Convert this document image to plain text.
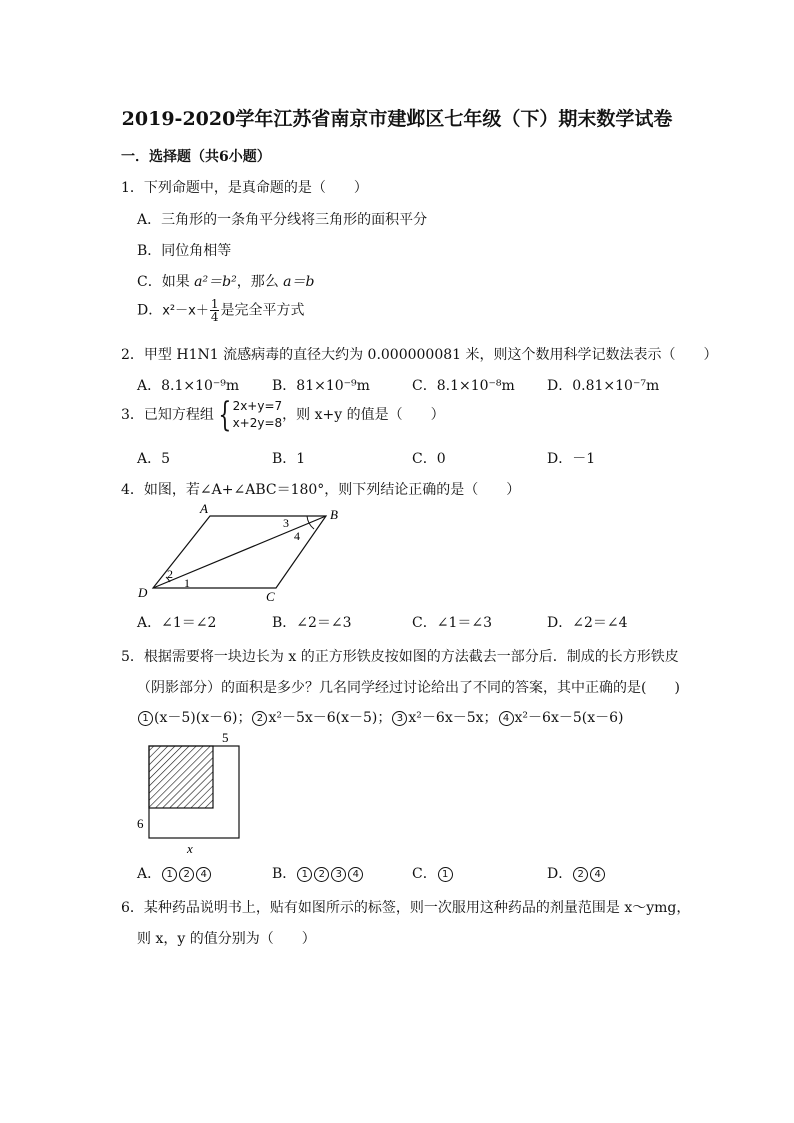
2019-2020学年江苏省南京市建邺区七年级（下）期末数学试卷
一．选择题（共6小题）
1．下列命题中，是真命题的是（　　）
A．三角形的一条角平分线将三角形的面积平分
B．同位角相等
C．如果 a²＝b²，那么 a＝b
D．$x^2-x+ \frac{1}{4}$ 是完全平方式
2．甲型 H1N1 流感病毒的直径大约为 0.000000081 米，则这个数用科学记数法表示（　　）
A．8.1×10⁻⁹m B．81×10⁻⁹m	C．8.1×10⁻⁸m D．0.81×10⁻⁷m
3．已知方程组 { 2x+y=7
x+2y=8 ，则 x+y 的值是（　　）
A．5	B．1	C．0	D．－1
4．如图，若∠A+∠ABC＝180°，则下列结论正确的是（　　）
A	B
C
D
1
2
3
4
A．∠1＝∠2	B．∠2＝∠3	C．∠1＝∠3	D．∠2＝∠4
5．根据需要将一块边长为 x 的正方形铁皮按如图的方法截去一部分后．制成的长方形铁皮
（阴影部分）的面积是多少？几名同学经过讨论给出了不同的答案，其中正确的是(　　)
1 (x－5)(x－6)； 2 x²－5x－6(x－5)； 3 x²－6x－5x； 4 x²－6x－5(x－6)
5
6
x
A． 1 2 4	B． 1 2 3 4	C． 1	D． 2 4
6．某种药品说明书上，贴有如图所示的标签，则一次服用这种药品的剂量范围是 x～ymg，
则 x，y 的值分别为（　　）
